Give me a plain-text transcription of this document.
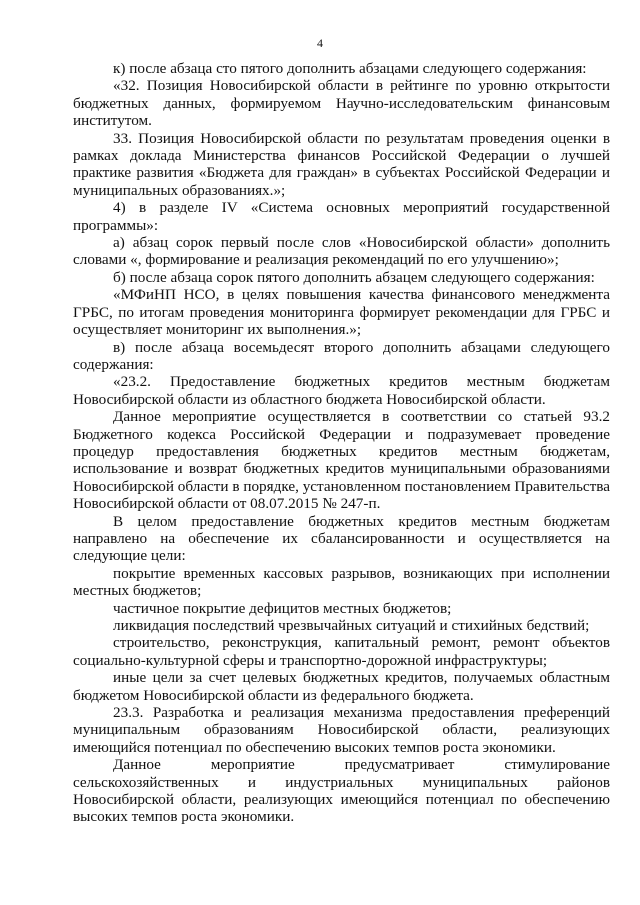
4

к) после абзаца сто пятого дополнить абзацами следующего содержания:

«32. Позиция Новосибирской области в рейтинге по уровню открытости бюджетных данных, формируемом Научно-исследовательским финансовым институтом.

33. Позиция Новосибирской области по результатам проведения оценки в рамках доклада Министерства финансов Российской Федерации о лучшей практике развития «Бюджета для граждан» в субъектах Российской Федерации и муниципальных образованиях.»;

4) в разделе IV «Система основных мероприятий государственной программы»:

а) абзац сорок первый после слов «Новосибирской области» дополнить словами «, формирование и реализация рекомендаций по его улучшению»;

б) после абзаца сорок пятого дополнить абзацем следующего содержания:

«МФиНП НСО, в целях повышения качества финансового менеджмента ГРБС, по итогам проведения мониторинга формирует рекомендации для ГРБС и осуществляет мониторинг их выполнения.»;

в) после абзаца восемьдесят второго дополнить абзацами следующего содержания:

«23.2. Предоставление бюджетных кредитов местным бюджетам Новосибирской области из областного бюджета Новосибирской области.

Данное мероприятие осуществляется в соответствии со статьей 93.2 Бюджетного кодекса Российской Федерации и подразумевает проведение процедур предоставления бюджетных кредитов местным бюджетам, использование и возврат бюджетных кредитов муниципальными образованиями Новосибирской области в порядке, установленном постановлением Правительства Новосибирской области от 08.07.2015 № 247-п.

В целом предоставление бюджетных кредитов местным бюджетам направлено на обеспечение их сбалансированности и осуществляется на следующие цели:

покрытие временных кассовых разрывов, возникающих при исполнении местных бюджетов;

частичное покрытие дефицитов местных бюджетов;

ликвидация последствий чрезвычайных ситуаций и стихийных бедствий;

строительство, реконструкция, капитальный ремонт, ремонт объектов социально-культурной сферы и транспортно-дорожной инфраструктуры;

иные цели за счет целевых бюджетных кредитов, получаемых областным бюджетом Новосибирской области из федерального бюджета.

23.3. Разработка и реализация механизма предоставления преференций муниципальным образованиям Новосибирской области, реализующих имеющийся потенциал по обеспечению высоких темпов роста экономики.

Данное мероприятие предусматривает стимулирование сельскохозяйственных и индустриальных муниципальных районов Новосибирской области, реализующих имеющийся потенциал по обеспечению высоких темпов роста экономики.
